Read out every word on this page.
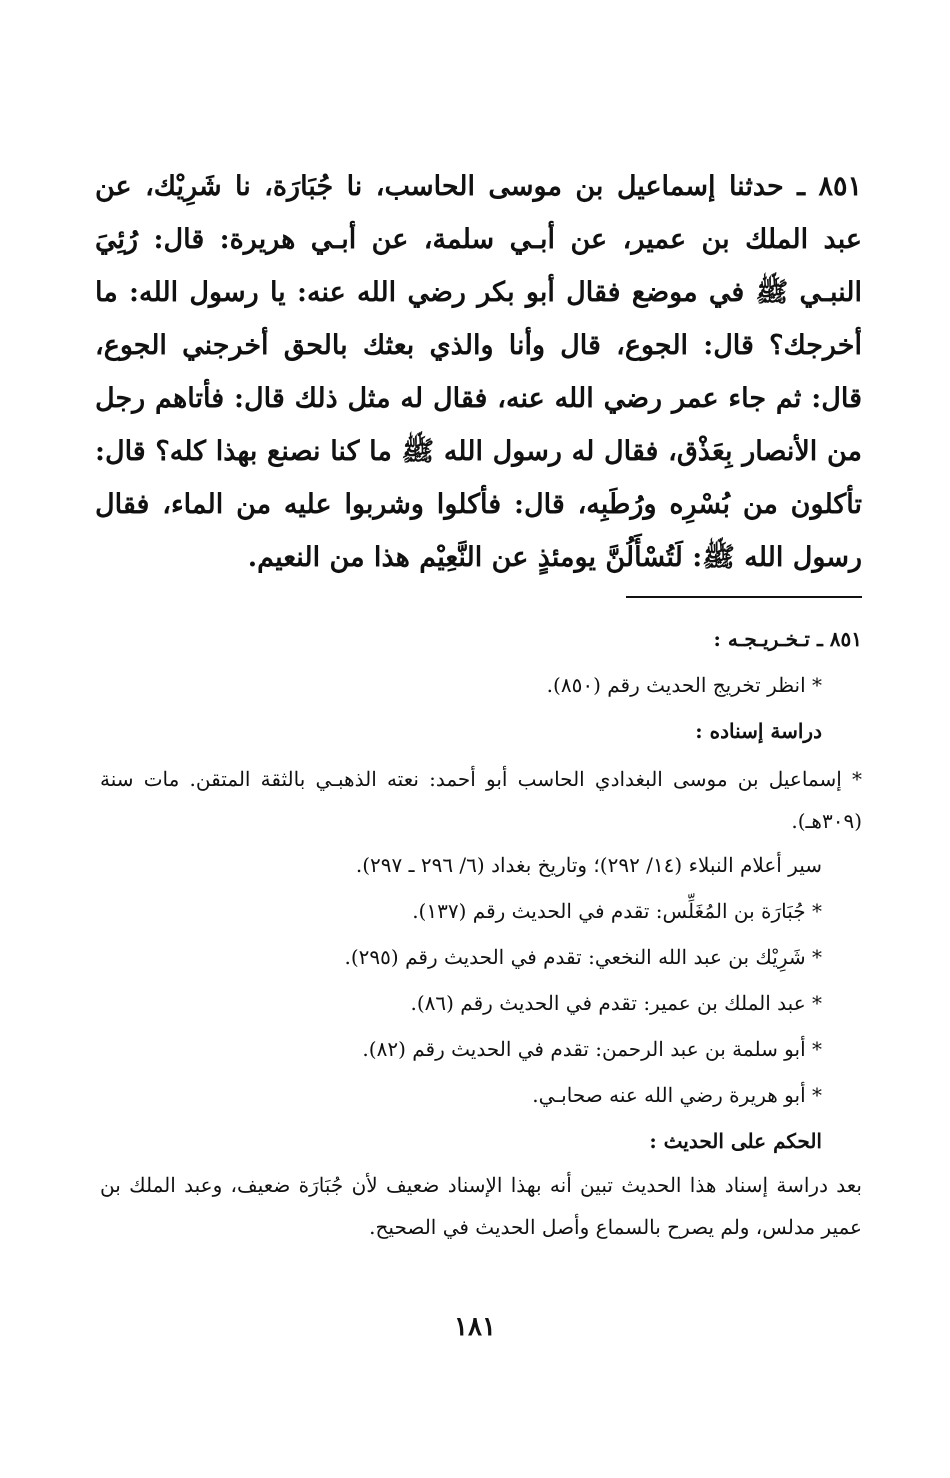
٨٥١ ـ حدثنا إسماعيل بن موسى الحاسب، نا جُبَارَة، نا شَرِيْك، عن عبد الملك بن عمير، عن أبـي سلمة، عن أبـي هريرة: قال: رُئِيَ النبـي ﷺ في موضع فقال أبو بكر رضي الله عنه: يا رسول الله: ما أخرجك؟ قال: الجوع، قال وأنا والذي بعثك بالحق أخرجني الجوع، قال: ثم جاء عمر رضي الله عنه، فقال له مثل ذلك قال: فأتاهم رجل من الأنصار بِعَذْق، فقال له رسول الله ﷺ ما كنا نصنع بهذا كله؟ قال: تأكلون من بُسْرِه ورُطَبِه، قال: فأكلوا وشربوا عليه من الماء، فقال رسول الله ﷺ: لَتُسْأَلُنَّ يومئذٍ عن النَّعِيْم هذا من النعيم.

٨٥١ ـ تـخـريـجـه :

* انظر تخريج الحديث رقم (٨٥٠).

دراسة إسناده :

* إسماعيل بن موسى البغدادي الحاسب أبو أحمد: نعته الذهبـي بالثقة المتقن. مات سنة (٣٠٩هـ).

سير أعلام النبلاء (١٤/ ٢٩٢)؛ وتاريخ بغداد (٦/ ٢٩٦ ـ ٢٩٧).

* جُبَارَة بن المُغَلِّس: تقدم في الحديث رقم (١٣٧).

* شَرِيْك بن عبد الله النخعي: تقدم في الحديث رقم (٢٩٥).

* عبد الملك بن عمير: تقدم في الحديث رقم (٨٦).

* أبو سلمة بن عبد الرحمن: تقدم في الحديث رقم (٨٢).

* أبو هريرة رضي الله عنه صحابـي.

الحكم على الحديث :

بعد دراسة إسناد هذا الحديث تبين أنه بهذا الإسناد ضعيف لأن جُبَارَة ضعيف، وعبد الملك بن عمير مدلس، ولم يصرح بالسماع وأصل الحديث في الصحيح.

١٨١
